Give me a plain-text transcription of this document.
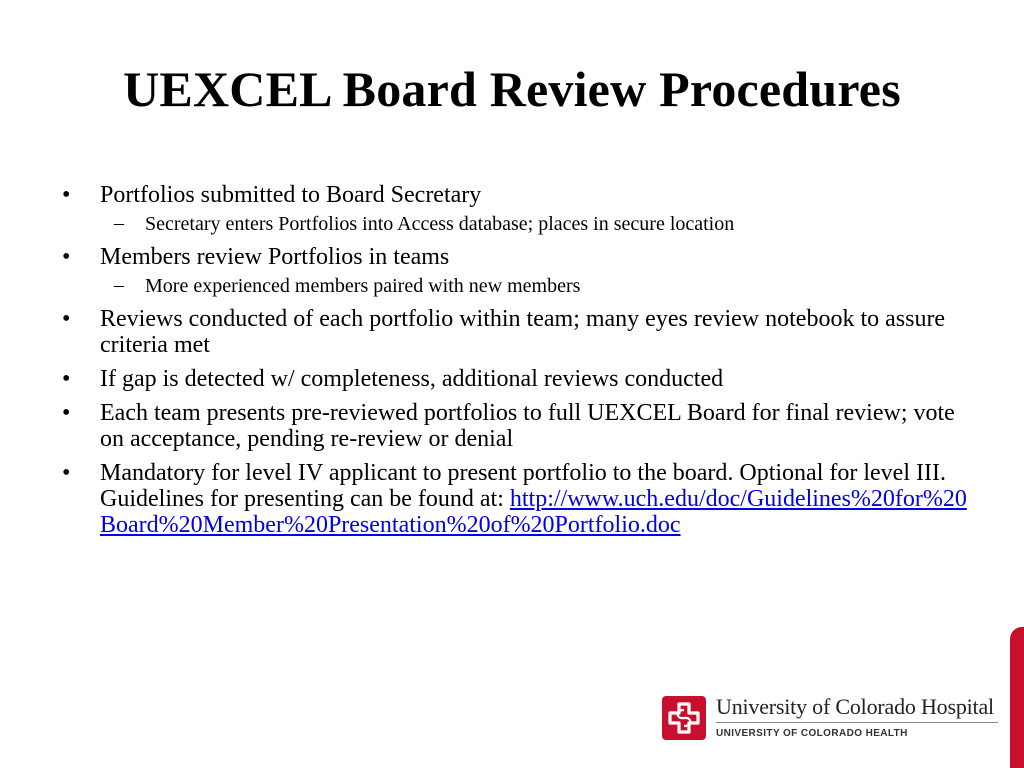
UEXCEL Board Review Procedures
• Portfolios submitted to Board Secretary
– Secretary enters Portfolios into Access database; places in secure location
• Members review Portfolios in teams
– More experienced members paired with new members
• Reviews conducted of each portfolio within team; many eyes review notebook to assure criteria met
• If gap is detected w/ completeness, additional reviews conducted
• Each team presents pre-reviewed portfolios to full UEXCEL Board for final review; vote on acceptance, pending re-review or denial
• Mandatory for level IV applicant to present portfolio to the board. Optional for level III. Guidelines for presenting can be found at: http://www.uch.edu/doc/Guidelines%20for%20Board%20Member%20Presentation%20of%20Portfolio.doc
University of Colorado Hospital
UNIVERSITY OF COLORADO HEALTH
